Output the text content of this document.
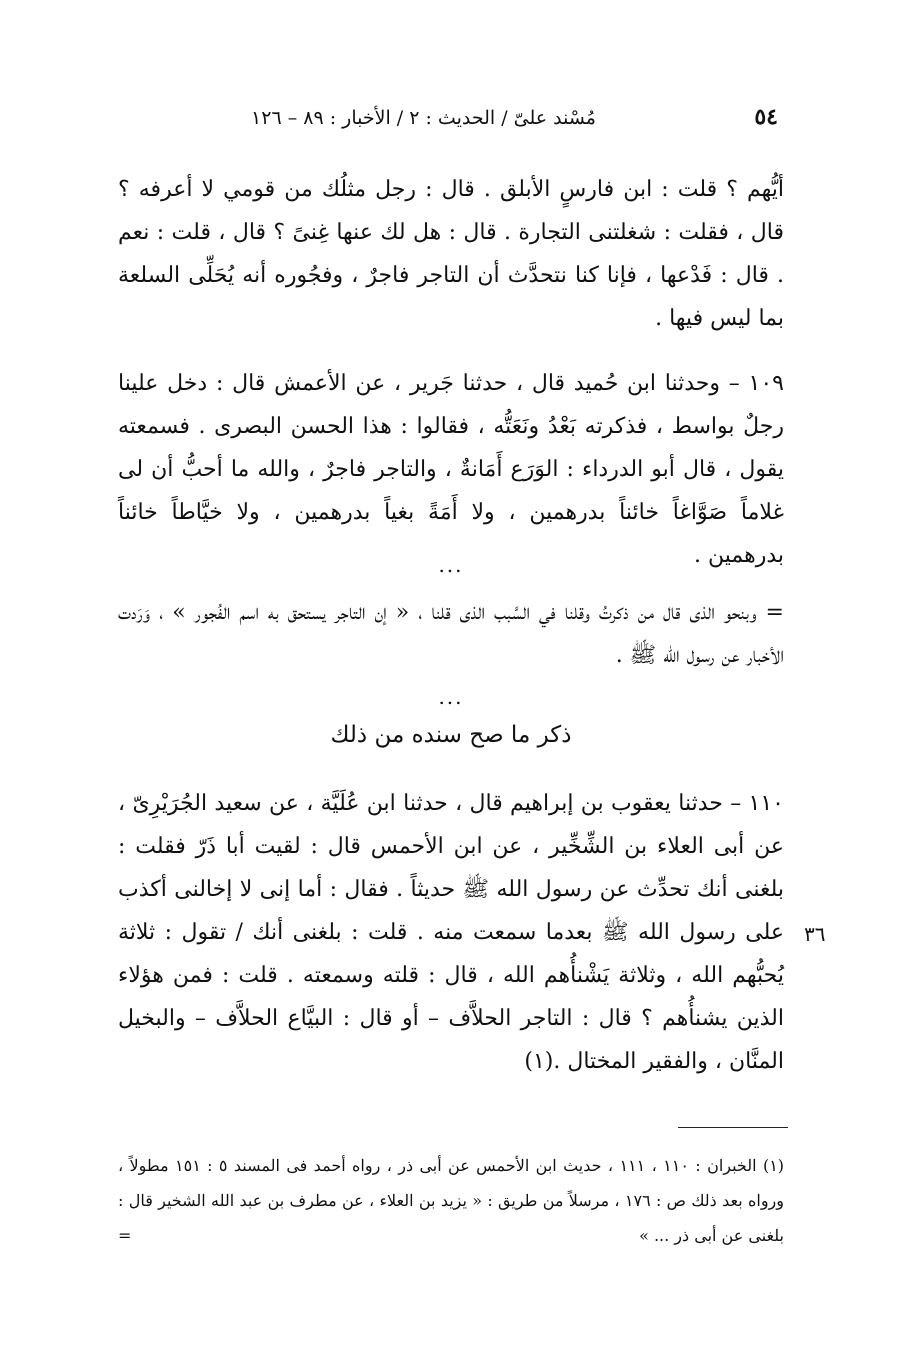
٥٤
مُسْند علىّ / الحديث : ٢ / الأخبار : ٨٩ – ١٢٦

أيُّهم ؟ قلت : ابن فارسٍ الأبلق . قال : رجل مثلُك من قومي لا أعرفه ؟ قال ، فقلت : شغلتنى التجارة . قال : هل لك عنها غِنىً ؟ قال ، قلت : نعم . قال : فَدْعها ، فإنا كنا نتحدَّث أن التاجر فاجرٌ ، وفجُوره أنه يُحَلِّى السلعة بما ليس فيها .

١٠٩ – وحدثنا ابن حُميد قال ، حدثنا جَرير ، عن الأعمش قال : دخل علينا رجلٌ بواسط ، فذكرته بَعْدُ ونَعَتُّه ، فقالوا : هذا الحسن البصرى . فسمعته يقول ، قال أبو الدرداء : الوَرَع أَمَانةٌ ، والتاجر فاجرٌ ، والله ما أحبُّ أن لى غلاماً صَوَّاغاً خائناً بدرهمين ، ولا أَمَةً بغياً بدرهمين ، ولا خيَّاطاً خائناً بدرهمين .

...

= وبنحو الذى قال من ذكرتُ وقلنا في السَّبب الذى قلنا ، « إن التاجر يستحق به اسم الفُجور » ، وَرَدت الأخبار عن رسول الله ﷺ .

...
ذكر ما صح سنده من ذلك

١١٠ – حدثنا يعقوب بن إبراهيم قال ، حدثنا ابن عُلَيَّة ، عن سعيد الجُرَيْرِىّ ، عن أبى العلاء بن الشِّخِّير ، عن ابن الأحمس قال : لقيت أبا ذَرّ فقلت : بلغنى أنك تحدِّث عن رسول الله ﷺ حديثاً . فقال : أما إنى لا إخالنى أكذب على رسول الله ﷺ بعدما سمعت منه . قلت : بلغنى أنك / تقول : ثلاثة يُحبُّهم الله ، وثلاثة يَشْنأُهم الله ، قال : قلته وسمعته . قلت : فمن هؤلاء الذين يشنأُهم ؟ قال : التاجر الحلاَّف – أو قال : البيَّاع الحلاَّف – والبخيل المنَّان ، والفقير المختال .(١)

٣٦

(١) الخبران : ١١٠ ، ١١١ ، حديث ابن الأحمس عن أبى ذر ، رواه أحمد فى المسند ٥ : ١٥١ مطولاً ، ورواه بعد ذلك ص : ١٧٦ ، مرسلاً من طريق : « يزيد بن العلاء ، عن مطرف بن عبد الله الشخير قال : بلغنى عن أبى ذر ... »
=
